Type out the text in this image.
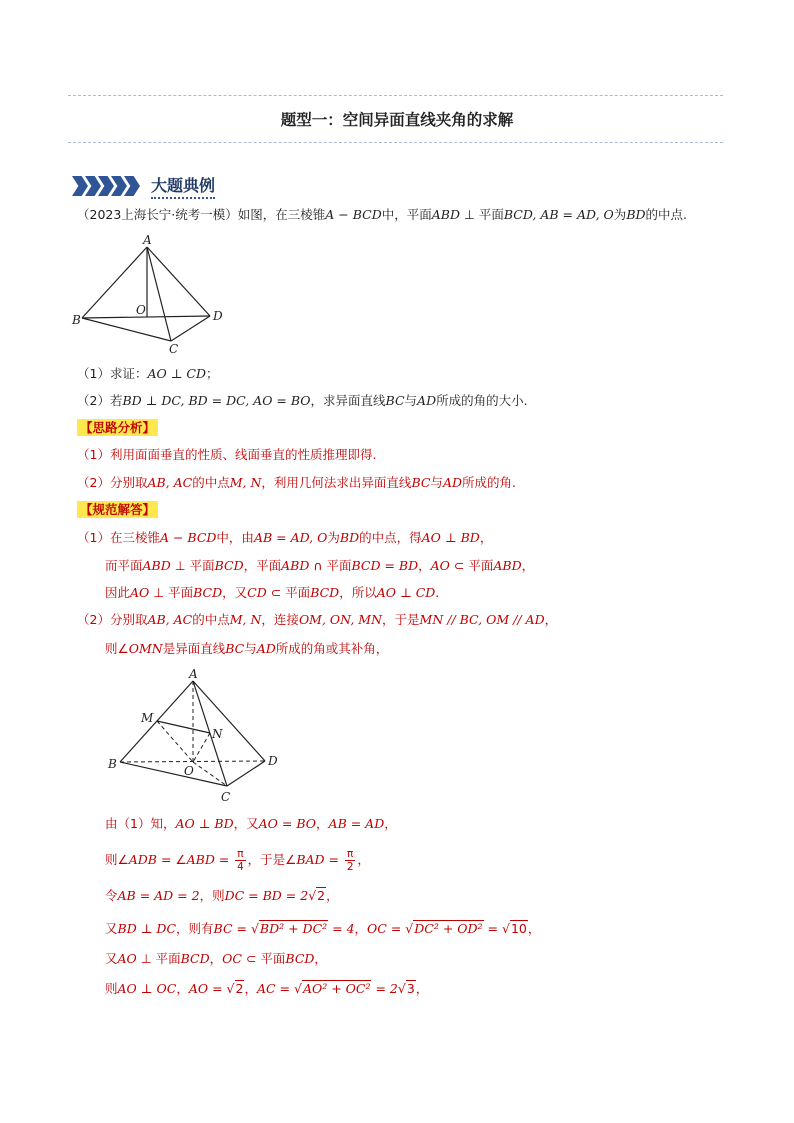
题型一：空间异面直线夹角的求解
大题典例
（2023上海长宁·统考一模）如图，在三棱锥A − BCD中，平面ABD ⊥ 平面BCD, AB = AD, O为BD的中点.
A
B
C
D
O
（1）求证：AO ⊥ CD；
（2）若BD ⊥ DC, BD = DC, AO = BO，求异面直线BC与AD所成的角的大小.
【思路分析】
（1）利用面面垂直的性质、线面垂直的性质推理即得.
（2）分别取AB, AC的中点M, N，利用几何法求出异面直线BC与AD所成的角.
【规范解答】
（1）在三棱锥A − BCD中，由AB = AD, O为BD的中点，得AO ⊥ BD，
而平面ABD ⊥ 平面BCD，平面ABD ∩ 平面BCD = BD，AO ⊂ 平面ABD，
因此AO ⊥ 平面BCD，又CD ⊂ 平面BCD，所以AO ⊥ CD.
（2）分别取AB, AC的中点M, N，连接OM, ON, MN，于是MN // BC, OM // AD，
则∠OMN是异面直线BC与AD所成的角或其补角，
A
M
N
B	O
D
C
由（1）知，AO ⊥ BD，又AO = BO，AB = AD，
则∠ADB = ∠ABD = $\frac{\pi}{4}$ ，于是∠BAD = $\frac{\pi}{2}$ ，
令AB = AD = 2，则DC = BD = 2√2，
又BD ⊥ DC，则有BC = √BD² + DC² = 4，OC = √DC² + OD² = √10，
又AO ⊥ 平面BCD，OC ⊂ 平面BCD，
则AO ⊥ OC，AO = √2，AC = √AO² + OC² = 2√3，
